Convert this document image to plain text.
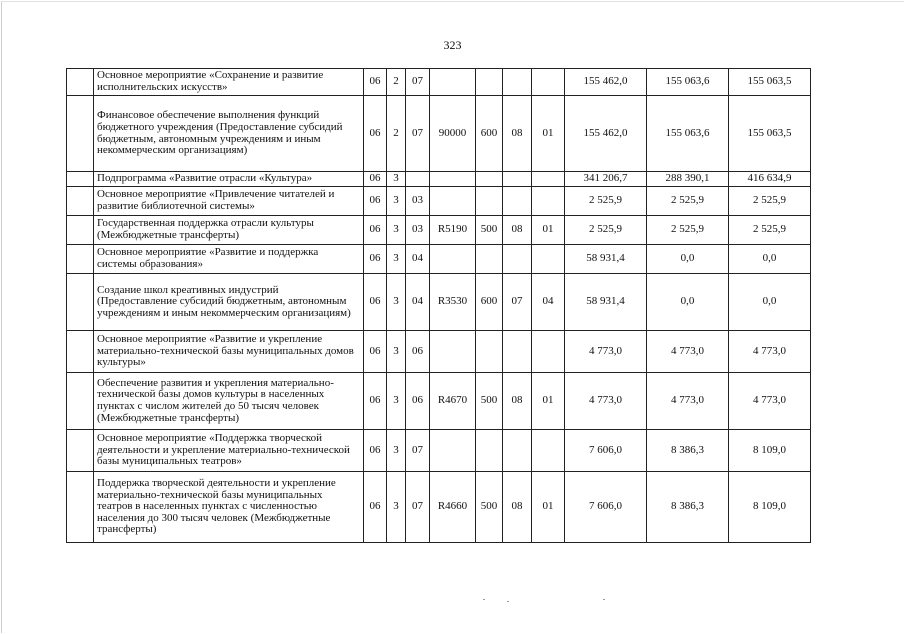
323
	Основное мероприятие «Сохранение и развитие исполнительских искусств»	06	2	07					155 462,0	155 063,6	155 063,5
	Финансовое обеспечение выполнения функций бюджетного учреждения (Предоставление субсидий бюджетным, автономным учреждениям и иным некоммерческим организациям)	06	2	07	90000	600	08	01	155 462,0	155 063,6	155 063,5
	Подпрограмма «Развитие отрасли «Культура»	06	3						341 206,7	288 390,1	416 634,9
	Основное мероприятие «Привлечение читателей и развитие библиотечной системы»	06	3	03					2 525,9	2 525,9	2 525,9
	Государственная поддержка отрасли культуры (Межбюджетные трансферты)	06	3	03	R5190	500	08	01	2 525,9	2 525,9	2 525,9
	Основное мероприятие «Развитие и поддержка системы образования»	06	3	04					58 931,4	0,0	0,0
	Создание школ креативных индустрий (Предоставление субсидий бюджетным, автономным учреждениям и иным некоммерческим организациям)	06	3	04	R3530	600	07	04	58 931,4	0,0	0,0
	Основное мероприятие «Развитие и укрепление материально-технической базы муниципальных домов культуры»	06	3	06					4 773,0	4 773,0	4 773,0
	Обеспечение развития и укрепления материально-технической базы домов культуры в населенных пунктах с числом жителей до 50 тысяч человек (Межбюджетные трансферты)	06	3	06	R4670	500	08	01	4 773,0	4 773,0	4 773,0
	Основное мероприятие «Поддержка творческой деятельности и укрепление материально-технической базы муниципальных театров»	06	3	07					7 606,0	8 386,3	8 109,0
	Поддержка творческой деятельности и укрепление материально-технической базы муниципальных театров в населенных пунктах с численностью населения до 300 тысяч человек (Межбюджетные трансферты)	06	3	07	R4660	500	08	01	7 606,0	8 386,3	8 109,0
